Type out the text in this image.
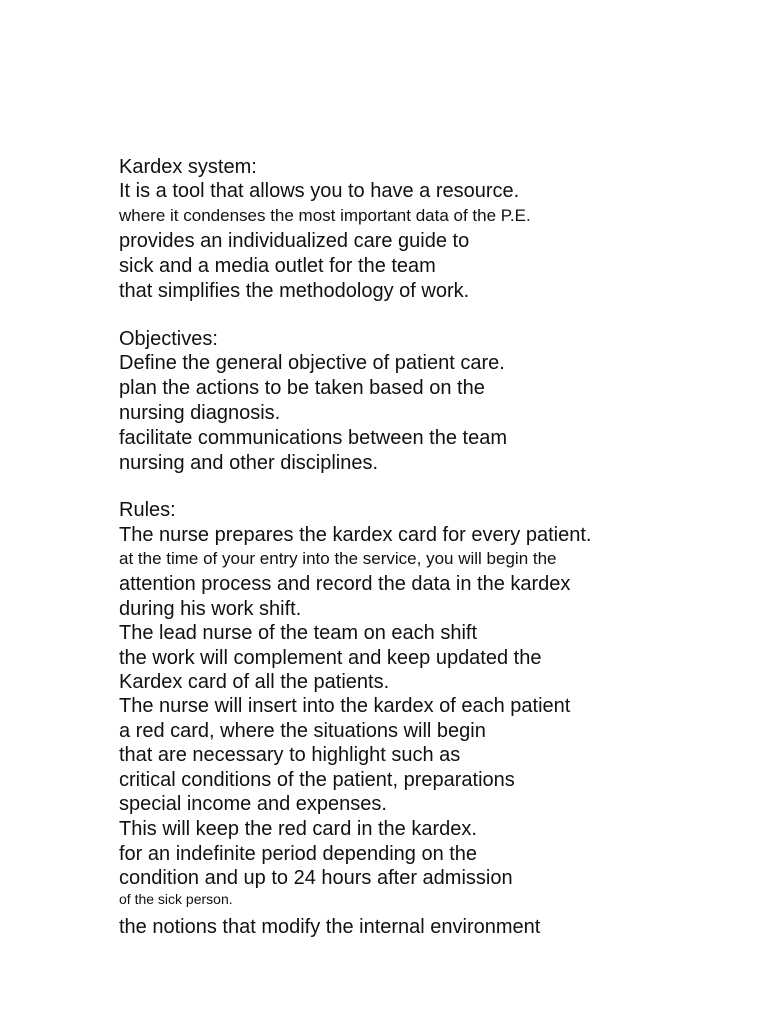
Kardex system:
It is a tool that allows you to have a resource.
where it condenses the most important data of the P.E.
provides an individualized care guide to
sick and a media outlet for the team
that simplifies the methodology of work.
Objectives:
Define the general objective of patient care.
plan the actions to be taken based on the
nursing diagnosis.
facilitate communications between the team
nursing and other disciplines.
Rules:
The nurse prepares the kardex card for every patient.
at the time of your entry into the service, you will begin the
attention process and record the data in the kardex
during his work shift.
The lead nurse of the team on each shift
the work will complement and keep updated the
Kardex card of all the patients.
The nurse will insert into the kardex of each patient
a red card, where the situations will begin
that are necessary to highlight such as
critical conditions of the patient, preparations
special income and expenses.
This will keep the red card in the kardex.
for an indefinite period depending on the
condition and up to 24 hours after admission
of the sick person.
the notions that modify the internal environment
